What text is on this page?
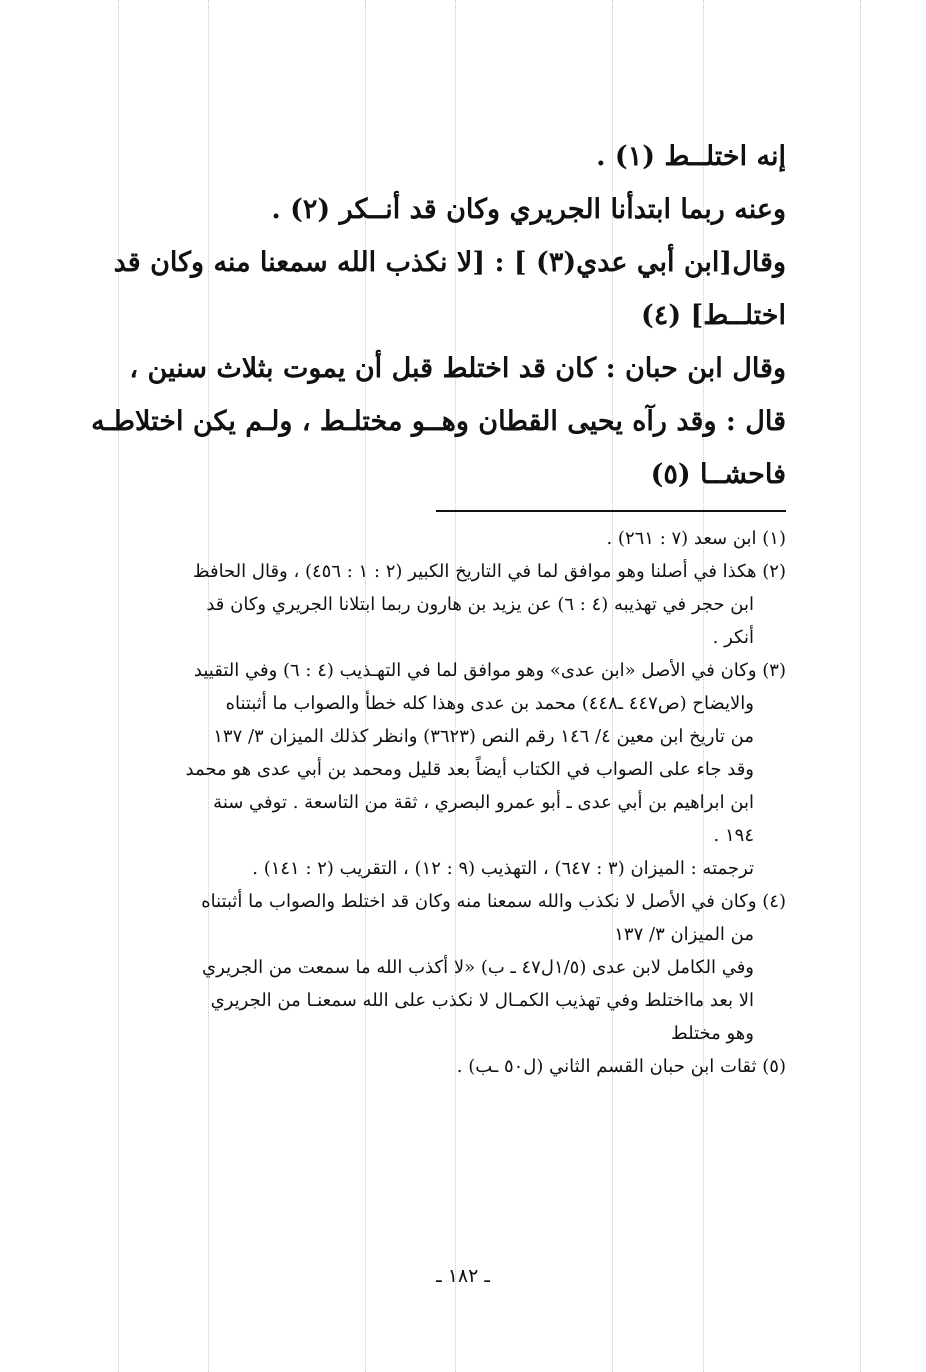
إنه اختلــط (١) .
وعنه ربما ابتدأنا الجريري وكان قد أنــكر (٢) .
وقال[ابن أبي عدي(٣) ] : [لا نكذب الله سمعنا منه وكان قد
اختلــط] (٤)
وقال ابن حبان : كان قد اختلط قبل أن يموت بثلاث سنين ،
قال : وقد رآه يحيى القطان وهــو مختلـط ، ولـم يكن اختلاطـه
فاحشــا (٥)
(١) ابن سعد (٧ : ٢٦١) .
(٢) هكذا في أصلنا وهو موافق لما في التاريخ الكبير (٢ : ١ : ٤٥٦) ، وقال الحافظ
ابن حجر في تهذيبه (٤ : ٦) عن يزيد بن هارون ربما ابتلانا الجريري وكان قد
أنكر .
(٣) وكان في الأصل «ابن عدى» وهو موافق لما في التهـذيب (٤ : ٦) وفي التقييد
والايضاح (ص٤٤٧ ـ٤٤٨) محمد بن عدى وهذا كله خطأ والصواب ما أثبتناه
من تاريخ ابن معين ٤/ ١٤٦ رقم النص (٣٦٢٣) وانظر كذلك الميزان ٣/ ١٣٧
وقد جاء على الصواب في الكتاب أيضاً بعد قليل ومحمد بن أبي عدى هو محمد
ابن ابراهيم بن أبي عدى ـ أبو عمرو البصري ، ثقة من التاسعة . توفي سنة
١٩٤ .
ترجمته : الميزان (٣ : ٦٤٧) ، التهذيب (٩ : ١٢) ، التقريب (٢ : ١٤١) .
(٤) وكان في الأصل لا نكذب والله سمعنا منه وكان قد اختلط والصواب ما أثبتناه
من الميزان ٣/ ١٣٧
وفي الكامل لابن عدى (١/٥ل٤٧ ـ ب) «لا أكذب الله ما سمعت من الجريري
الا بعد مااختلط وفي تهذيب الكمـال لا نكذب على الله سمعنـا من الجريري
وهو مختلط
(٥) ثقات ابن حبان القسم الثاني (ل٥٠ ـب) .
ـ ١٨٢ ـ
